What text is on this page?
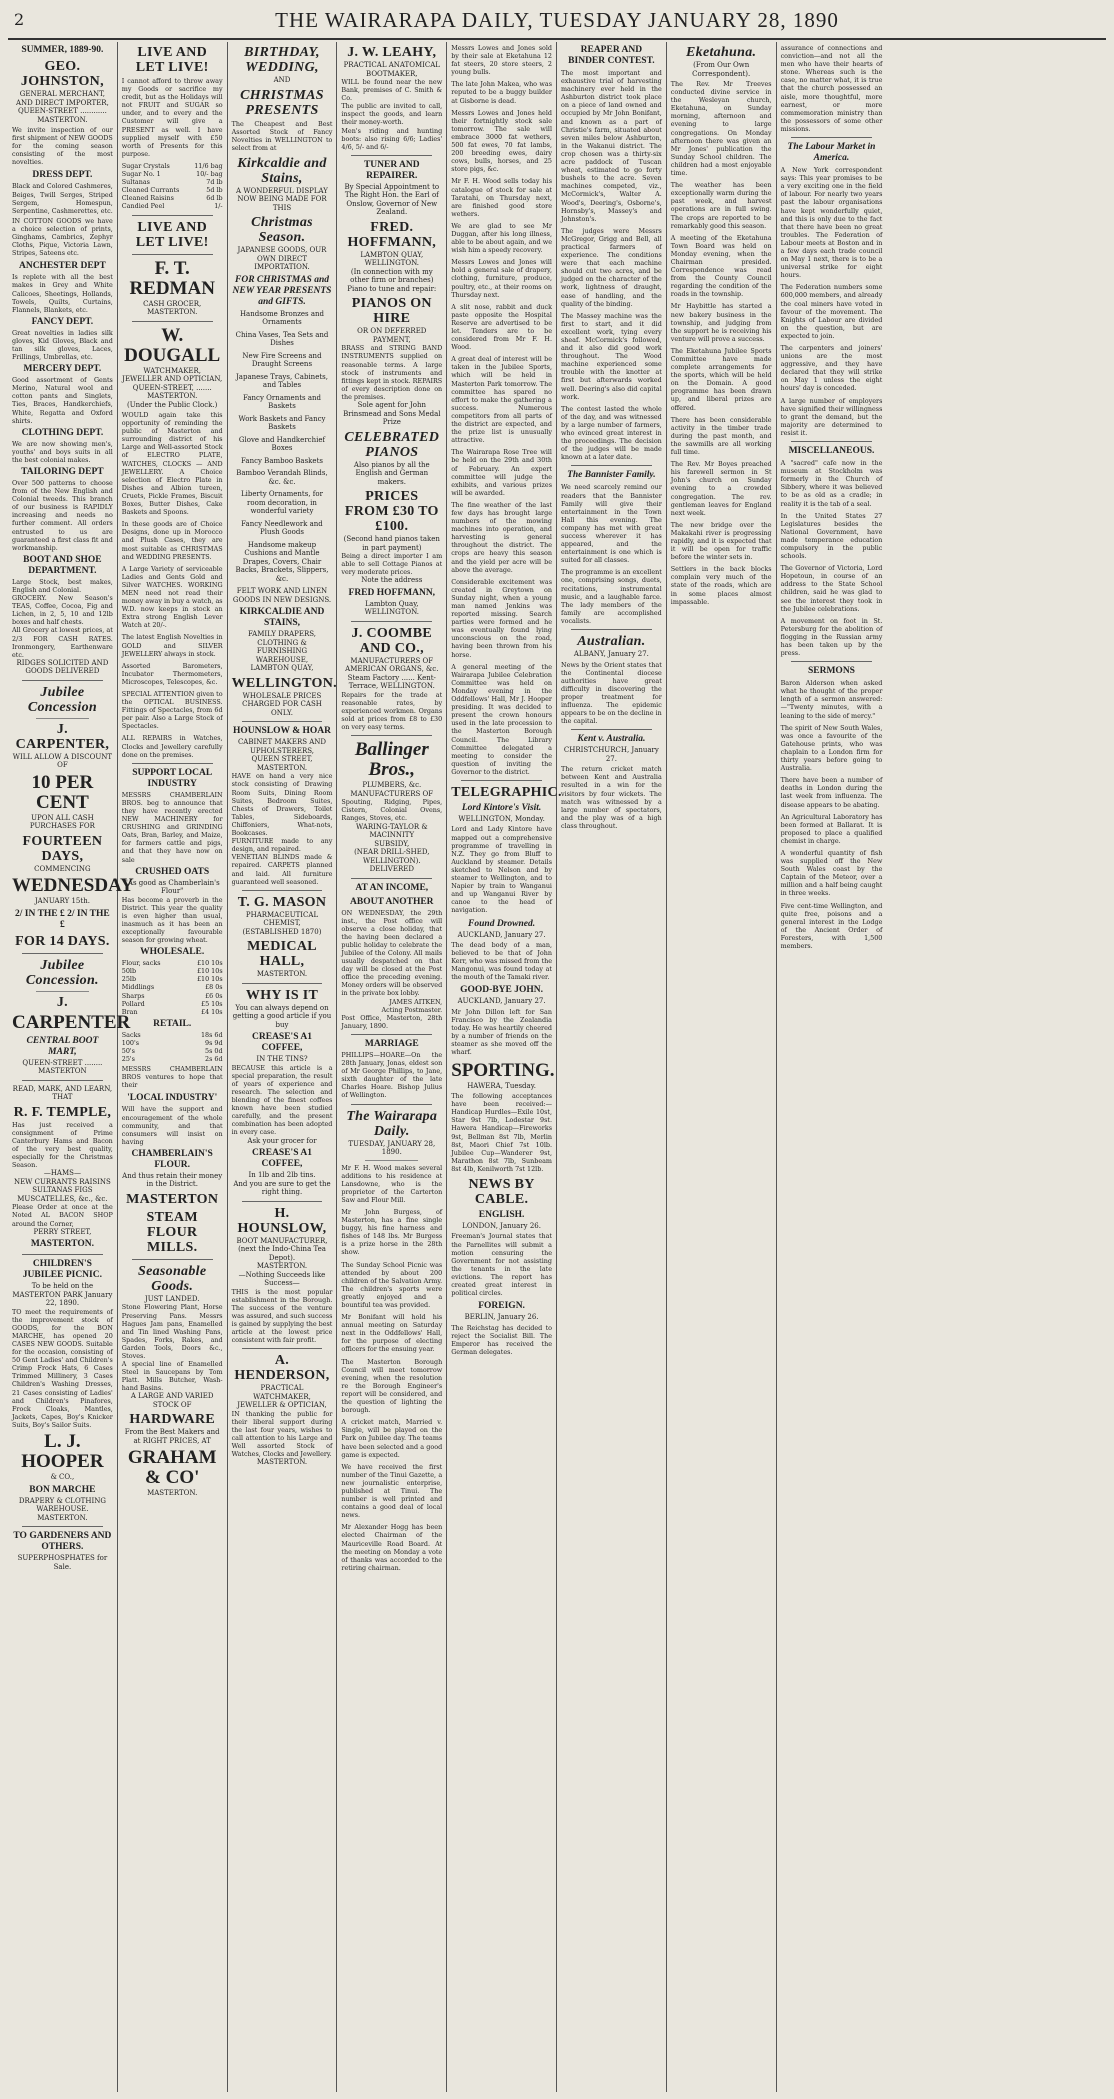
2	THE WAIRARAPA DAILY, TUESDAY JANUARY 28, 1890
SUMMER, 1889-90.
GEO. JOHNSTON,
GENERAL MERCHANT, AND DIRECT IMPORTER,
QUEEN-STREET ............ MASTERTON.
We invite inspection of our first shipment of NEW GOODS for the coming season consisting of the most novelties.
DRESS DEPT.
Black and Colored Cashmeres, Beiges, Twill Serges, Striped Sergem, Homespun, Serpentine, Cashmerettes, etc.
IN COTTON GOODS we have a choice selection of prints, Ginghams, Cambrics, Zephyr Cloths, Pique, Victoria Lawn, Stripes, Sateens etc.
ANCHESTER DEPT
Is replete with all the best makes in Grey and White Calicoes, Sheetings, Hollands, Towels, Quilts, Curtains, Flannels, Blankets, etc.
FANCY DEPT.
Great novelties in ladies silk gloves, Kid Gloves, Black and tan silk gloves, Laces, Frillings, Umbrellas, etc.
MERCERY DEPT.
Good assortment of Gents Merino, Natural wool and cotton pants and Singlets, Ties, Braces, Handkerchiefs, White, Regatta and Oxford shirts.
CLOTHING DEPT.
We are now showing men's, youths' and boys suits in all the best colonial makes.
TAILORING DEPT
Over 500 patterns to choose from of the New English and Colonial tweeds. This branch of our business is RAPIDLY increasing and needs no further comment. All orders entrusted to us are guaranteed a first class fit and workmanship.
BOOT AND SHOE DEPARTMENT.
Large Stock, best makes, English and Colonial.
GROCERY. New Season's TEAS, Coffee, Cocoa, Fig and Lichen, in 2, 5, 10 and 12lb boxes and half chests.
All Grocery at lowest prices, at 2/3 FOR CASH RATES. Ironmongery, Earthenware etc.
RIDGES SOLICITED AND GOODS DELIVERED
Jubilee Concession
J. CARPENTER,
WILL ALLOW A DISCOUNT OF
10 PER CENT
UPON ALL CASH PURCHASES FOR
FOURTEEN DAYS,
COMMENCING
WEDNESDAY
JANUARY 15th.
2/ IN THE £ 2/ IN THE £
FOR 14 DAYS.
Jubilee Concession.
J.
CARPENTER
CENTRAL BOOT MART,
QUEEN-STREET ........ MASTERTON
READ, MARK, AND LEARN, THAT
R. F. TEMPLE,
Has just received a consignment of Prime Canterbury Hams and Bacon of the very best quality, especially for the Christmas Season.
—HAMS—
NEW CURRANTS RAISINS SULTANAS FIGS MUSCATELLES, &c., &c.
Please Order at once at the Noted AL BACON SHOP around the Corner,
PERRY STREET,
MASTERTON.
CHILDREN'S JUBILEE PICNIC.
To be held on the MASTERTON PARK January 22, 1890.
TO meet the requirements of the improvement stock of GOODS, for the BON MARCHE, has opened 20 CASES NEW GOODS. Suitable for the occasion, consisting of 50 Gent Ladies' and Children's Crimp Frock Hats, 6 Cases Trimmed Millinery, 3 Cases Children's Washing Dresses, 21 Cases consisting of Ladies' and Children's Pinafores, Frock Cloaks, Mantles, Jackets, Capes, Boy's Knicker Suits, Boy's Sailor Suits.
L. J. HOOPER
& CO.,
BON MARCHE
DRAPERY & CLOTHING WAREHOUSE.
MASTERTON.
TO GARDENERS AND OTHERS.
SUPERPHOSPHATES for Sale.
LIVE AND LET LIVE!
I cannot afford to throw away my Goods or sacrifice my credit, but as the Holidays will not FRUIT and SUGAR so under, and to every and the Customer will give a PRESENT as well. I have supplied myself with £50 worth of Presents for this purpose.
Sugar Crystals	11/6 bag
Sugar No. 1	10/- bag
Sultanas	7d lb
Cleaned Currants	5d lb
Cleaned Raisins	6d lb
Candied Peel	1/-
LIVE AND LET LIVE!
F. T. REDMAN
CASH GROCER,
MASTERTON.
W. DOUGALL
WATCHMAKER,
JEWELLER AND OPTICIAN,
QUEEN-STREET, ....... MASTERTON.
(Under the Public Clock.)
WOULD again take this opportunity of reminding the public of Masterton and surrounding district of his Large and Well-assorted Stock of ELECTRO PLATE, WATCHES, CLOCKS — AND JEWELLERY. A Choice selection of Electro Plate in Dishes and Albion tureen, Cruets, Pickle Frames, Biscuit Boxes, Butter Dishes, Cake Baskets and Spoons.
In these goods are of Choice Designs, done up in Morocco and Plush Cases, they are most suitable as CHRISTMAS and WEDDING PRESENTS.
A Large Variety of serviceable Ladies and Gents Gold and Silver WATCHES. WORKING MEN need not read their money away in buy a watch, as W.D. now keeps in stock an Extra strong English Lever Watch at 20/-.
The latest English Novelties in GOLD and SILVER JEWELLERY always in stock.
Assorted Barometers, Incubator Thermometers, Microscopes, Telescopes, &c.
SPECIAL ATTENTION given to the OPTICAL BUSINESS. Fittings of Spectacles, from 6d per pair. Also a Large Stock of Spectacles.
ALL REPAIRS in Watches, Clocks and Jewellery carefully done on the premises.
SUPPORT LOCAL INDUSTRY
MESSRS CHAMBERLAIN BROS. beg to announce that they have recently erected NEW MACHINERY for CRUSHING and GRINDING Oats, Bran, Barley, and Maize, for farmers cattle and pigs, and that they have now on sale
CRUSHED OATS
"As good as Chamberlain's Flour"
Has become a proverb in the District. This year the quality is even higher than usual, inasmuch as it has been an exceptionally favourable season for growing wheat.
WHOLESALE.
Flour, sacks	£10 10s
50lb	£10 10s
25lb	£10 10s
Middlings	£8 0s
Sharps	£6 0s
Pollard	£5 10s
Bran	£4 10s
RETAIL.
Sacks	18s 6d
100's	9s 9d
50's	5s 0d
25's	2s 6d
MESSRS CHAMBERLAIN BROS ventures to hope that their
'LOCAL INDUSTRY'
Will have the support and encouragement of the whole community, and that consumers will insist on having
CHAMBERLAIN'S FLOUR.
And thus retain their money in the District.
MASTERTON
STEAM FLOUR MILLS.
Seasonable Goods.
JUST LANDED.
Stone Flowering Plant, Horse Preserving Pans. Messrs Hagues Jam pans, Enamelled and Tin lined Washing Pans, Spades, Forks, Rakes, and Garden Tools, Doors &c., Stoves.
A special line of Enamelled Steel in Saucepans by Tom Platt. Mills Butcher, Wash-hand Basins.
A LARGE AND VARIED STOCK OF
HARDWARE
From the Best Makers and at RIGHT PRICES, AT
GRAHAM & CO'
MASTERTON.
BIRTHDAY, WEDDING,
AND
CHRISTMAS PRESENTS
The Cheapest and Best Assorted Stock of Fancy Novelties in WELLINGTON to select from at
Kirkcaldie and Stains,
A WONDERFUL DISPLAY NOW BEING MADE FOR THIS
Christmas Season.
JAPANESE GOODS, OUR OWN DIRECT IMPORTATION.
FOR CHRISTMAS and NEW YEAR PRESENTS and GIFTS.
Handsome Bronzes and Ornaments
China Vases, Tea Sets and Dishes
New Fire Screens and Draught Screens
Japanese Trays, Cabinets, and Tables
Fancy Ornaments and Baskets
Work Baskets and Fancy Baskets
Glove and Handkerchief Boxes
Fancy Bamboo Baskets
Bamboo Verandah Blinds, &c. &c.
Liberty Ornaments, for room decoration, in wonderful variety
Fancy Needlework and Plush Goods
Handsome makeup Cushions and Mantle Drapes, Covers, Chair Backs, Brackets, Slippers, &c.
FELT WORK AND LINEN GOODS IN NEW DESIGNS.
KIRKCALDIE AND STAINS,
FAMILY DRAPERS, CLOTHING & FURNISHING WAREHOUSE,
LAMBTON QUAY,
WELLINGTON.
WHOLESALE PRICES CHARGED FOR CASH ONLY.
HOUNSLOW & HOAR
CABINET MAKERS AND UPHOLSTERERS,
QUEEN STREET, MASTERTON.
HAVE on hand a very nice stock consisting of Drawing Room Suits, Dining Room Suites, Bedroom Suites, Chests of Drawers, Toilet Tables, Sideboards, Chiffoniers, What-nots, Bookcases.
FURNITURE made to any design, and repaired.
VENETIAN BLINDS made & repaired. CARPETS planned and laid. All furniture guaranteed well seasoned.
T. G. MASON
PHARMACEUTICAL CHEMIST,
(ESTABLISHED 1870)
MEDICAL HALL,
MASTERTON.
WHY IS IT
You can always depend on getting a good article if you buy
CREASE'S A1 COFFEE,
IN THE TINS?
BECAUSE this article is a special preparation, the result of years of experience and research. The selection and blending of the finest coffees known have been studied carefully, and the present combination has been adopted in every case.
Ask your grocer for
CREASE'S A1 COFFEE,
In 1lb and 2lb tins.
And you are sure to get the right thing.
H. HOUNSLOW,
BOOT MANUFACTURER,
(next the Indo-China Tea Depot).
MASTERTON.
—Nothing Succeeds like Success—
THIS is the most popular establishment in the Borough. The success of the venture was assured, and such success is gained by supplying the best article at the lowest price consistent with fair profit.
A. HENDERSON,
PRACTICAL WATCHMAKER,
JEWELLER & OPTICIAN,
IN thanking the public for their liberal support during the last four years, wishes to call attention to his Large and Well assorted Stock of Watches, Clocks and Jewellery.
MASTERTON.
J. W. LEAHY,
PRACTICAL ANATOMICAL BOOTMAKER,
WILL be found near the new Bank, premises of C. Smith & Co.
The public are invited to call, inspect the goods, and learn their money-worth.
Men's riding and hunting boots: also rising 6/6; Ladies' 4/6, 5/- and 6/-
TUNER AND REPAIRER.
By Special Appointment to The Right Hon. the Earl of Onslow, Governor of New Zealand.
FRED. HOFFMANN,
LAMBTON QUAY, WELLINGTON.
(In connection with my other firm or branches)
Piano to tune and repair:
PIANOS ON HIRE
OR ON DEFERRED PAYMENT,
BRASS and STRING BAND INSTRUMENTS supplied on reasonable terms. A large stock of instruments and fittings kept in stock. REPAIRS of every description done on the premises.
Sole agent for John Brinsmead and Sons Medal Prize
CELEBRATED PIANOS
Also pianos by all the English and German makers.
PRICES FROM £30 TO £100.
(Second hand pianos taken in part payment)
Being a direct importer I am able to sell Cottage Pianos at very moderate prices.
Note the address
FRED HOFFMANN,
Lambton Quay, WELLINGTON.
J. COOMBE AND CO.,
MANUFACTURERS OF AMERICAN ORGANS, &c.
Steam Factory ...... Kent-Terrace, WELLINGTON.
Repairs for the trade at reasonable rates, by experienced workmen. Organs sold at prices from £8 to £30 on very easy terms.
Ballinger Bros.,
PLUMBERS, &c.
MANUFACTURERS OF
Spouting, Ridging, Pipes, Cistern, Colonial Ovens, Ranges, Stoves, etc.
WARING-TAYLOR & MACINNITY
SUBSIDY,
(NEAR DRILL-SHED, WELLINGTON).
DELIVERED
AT AN INCOME,
ABOUT ANOTHER
ON WEDNESDAY, the 29th inst., the Post office will observe a close holiday, that the having been declared a public holiday to celebrate the Jubilee of the Colony. All mails usually despatched on that day will be closed at the Post office the preceding evening. Money orders will be observed in the private box lobby.
JAMES AITKEN,
Acting Postmaster.
Post Office, Masterton, 28th January, 1890.
MARRIAGE
PHILLIPS—HOARE—On the 28th January, Jonas, eldest son of Mr George Phillips, to Jane, sixth daughter of the late Charles Hoare. Bishop Julius of Wellington.
The Wairarapa Daily.
TUESDAY, JANUARY 28, 1890.
Mr F. H. Wood makes several additions to his residence at Lansdowne, who is the proprietor of the Carterton Saw and Flour Mill.
Mr John Burgess, of Masterton, has a fine single buggy, his fine harness and fishes of 148 lbs. Mr Burgess is a prize horse in the 28th show.
The Sunday School Picnic was attended by about 200 children of the Salvation Army. The children's sports were greatly enjoyed and a bountiful tea was provided.
Mr Bonifant will hold his annual meeting on Saturday next in the Oddfellows' Hall, for the purpose of electing officers for the ensuing year.
The Masterton Borough Council will meet tomorrow evening, when the resolution re the Borough Engineer's report will be considered, and the question of lighting the borough.
A cricket match, Married v. Single, will be played on the Park on Jubilee day. The teams have been selected and a good game is expected.
We have received the first number of the Tinui Gazette, a new journalistic enterprise, published at Tinui. The number is well printed and contains a good deal of local news.
Mr Alexander Hogg has been elected Chairman of the Mauriceville Road Board. At the meeting on Monday a vote of thanks was accorded to the retiring chairman.
Messrs Lowes and Jones sold by their sale at Eketahuna 12 fat steers, 20 store steers, 2 young bulls.
The late John Makea, who was reputed to be a buggy builder at Gisborne is dead.
Messrs Lowes and Jones held their fortnightly stock sale tomorrow. The sale will embrace 3000 fat wethers, 500 fat ewes, 70 fat lambs, 200 breeding ewes, dairy cows, bulls, horses, and 25 store pigs, &c.
Mr F. H. Wood sells today his catalogue of stock for sale at Taratahi, on Thursday next, are finished good store wethers.
We are glad to see Mr Duggan, after his long illness, able to be about again, and we wish him a speedy recovery.
Messrs Lowes and Jones will hold a general sale of drapery, clothing, furniture, produce, poultry, etc., at their rooms on Thursday next.
A slit nose, rabbit and duck paste opposite the Hospital Reserve are advertised to be let. Tenders are to be considered from Mr F. H. Wood.
A great deal of interest will be taken in the Jubilee Sports, which will be held in Masterton Park tomorrow. The committee has spared no effort to make the gathering a success. Numerous competitors from all parts of the district are expected, and the prize list is unusually attractive.
The Wairarapa Rose Tree will be held on the 29th and 30th of February. An expert committee will judge the exhibits, and various prizes will be awarded.
The fine weather of the last few days has brought large numbers of the mowing machines into operation, and harvesting is general throughout the district. The crops are heavy this season and the yield per acre will be above the average.
Considerable excitement was created in Greytown on Sunday night, when a young man named Jenkins was reported missing. Search parties were formed and he was eventually found lying unconscious on the road, having been thrown from his horse.
A general meeting of the Wairarapa Jubilee Celebration Committee was held on Monday evening in the Oddfellows' Hall, Mr J. Hooper presiding. It was decided to present the crown honours used in the late procession to the Masterton Borough Council. The Library Committee delegated a meeting to consider the question of inviting the Governor to the district.
TELEGRAPHIC.
Lord Kintore's Visit.
WELLINGTON, Monday.
Lord and Lady Kintore have mapped out a comprehensive programme of travelling in N.Z. They go from Bluff to Auckland by steamer. Details sketched to Nelson and by steamer to Wellington, and to Napier by train to Wanganui and up Wanganui River by canoe to the head of navigation.
Found Drowned.
AUCKLAND, January 27.
The dead body of a man, believed to be that of John Kerr, who was missed from the Mangonui, was found today at the mouth of the Tamaki river.
GOOD-BYE JOHN.
AUCKLAND, January 27.
Mr John Dillon left for San Francisco by the Zealandia today. He was heartily cheered by a number of friends on the steamer as she moved off the wharf.
SPORTING.
HAWERA, Tuesday.
The following acceptances have been received:—Handicap Hurdles—Exile 10st, Star 9st 7lb, Lodestar 9st. Hawera Handicap—Fireworks 9st, Bellman 8st 7lb, Merlin 8st, Maori Chief 7st 10lb. Jubilee Cup—Wanderer 9st, Marathon 8st 7lb, Sunbeam 8st 4lb, Kenilworth 7st 12lb.
NEWS BY CABLE.
ENGLISH.
LONDON, January 26.
Freeman's Journal states that the Parnellites will submit a motion censuring the Government for not assisting the tenants in the late evictions. The report has created great interest in political circles.
FOREIGN.
BERLIN, January 26.
The Reichstag has decided to reject the Socialist Bill. The Emperor has received the German delegates.
REAPER AND BINDER CONTEST.
The most important and exhaustive trial of harvesting machinery ever held in the Ashburton district took place on a piece of land owned and occupied by Mr John Bonifant, and known as a part of Christie's farm, situated about seven miles below Ashburton, in the Wakanui district. The crop chosen was a thirty-six acre paddock of Tuscan wheat, estimated to go forty bushels to the acre. Seven machines competed, viz., McCormick's, Walter A. Wood's, Deering's, Osborne's, Hornsby's, Massey's and Johnston's.
The judges were Messrs McGregor, Grigg and Bell, all practical farmers of experience. The conditions were that each machine should cut two acres, and be judged on the character of the work, lightness of draught, ease of handling, and the quality of the binding.
The Massey machine was the first to start, and it did excellent work, tying every sheaf. McCormick's followed, and it also did good work throughout. The Wood machine experienced some trouble with the knotter at first but afterwards worked well. Deering's also did capital work.
The contest lasted the whole of the day, and was witnessed by a large number of farmers, who evinced great interest in the proceedings. The decision of the judges will be made known at a later date.
The Bannister Family.
We need scarcely remind our readers that the Bannister Family will give their entertainment in the Town Hall this evening. The company has met with great success wherever it has appeared, and the entertainment is one which is suited for all classes.
The programme is an excellent one, comprising songs, duets, recitations, instrumental music, and a laughable farce. The lady members of the family are accomplished vocalists.
Australian.
ALBANY, January 27.
News by the Orient states that the Continental diocese authorities have great difficulty in discovering the proper treatment for influenza. The epidemic appears to be on the decline in the capital.
Kent v. Australia.
CHRISTCHURCH, January 27.
The return cricket match between Kent and Australia resulted in a win for the visitors by four wickets. The match was witnessed by a large number of spectators, and the play was of a high class throughout.
Eketahuna.
(From Our Own Correspondent).
The Rev. Mr Treeves conducted divine service in the Wesleyan church, Eketahuna, on Sunday morning, afternoon and evening to large congregations. On Monday afternoon there was given an Mr Jones' publication the Sunday School children. The children had a most enjoyable time.
The weather has been exceptionally warm during the past week, and harvest operations are in full swing. The crops are reported to be remarkably good this season.
A meeting of the Eketahuna Town Board was held on Monday evening, when the Chairman presided. Correspondence was read from the County Council regarding the condition of the roads in the township.
Mr Haybittle has started a new bakery business in the township, and judging from the support he is receiving his venture will prove a success.
The Eketahuna Jubilee Sports Committee have made complete arrangements for the sports, which will be held on the Domain. A good programme has been drawn up, and liberal prizes are offered.
There has been considerable activity in the timber trade during the past month, and the sawmills are all working full time.
The Rev. Mr Boyes preached his farewell sermon in St John's church on Sunday evening to a crowded congregation. The rev. gentleman leaves for England next week.
The new bridge over the Makakahi river is progressing rapidly, and it is expected that it will be open for traffic before the winter sets in.
Settlers in the back blocks complain very much of the state of the roads, which are in some places almost impassable.
assurance of connections and conviction—and not all the men who have their hearts of stone. Whereas such is the case, no matter what, it is true that the church possessed an aisle, more thoughtful, more earnest, or more commemoration ministry than the possessors of some other missions.
The Labour Market in America.
A New York correspondent says: This year promises to be a very exciting one in the field of labour. For nearly two years past the labour organisations have kept wonderfully quiet, and this is only due to the fact that there have been no great troubles. The Federation of Labour meets at Boston and in a few days each trade council on May 1 next, there is to be a universal strike for eight hours.
The Federation numbers some 600,000 members, and already the coal miners have voted in favour of the movement. The Knights of Labour are divided on the question, but are expected to join.
The carpenters and joiners' unions are the most aggressive, and they have declared that they will strike on May 1 unless the eight hours' day is conceded.
A large number of employers have signified their willingness to grant the demand, but the majority are determined to resist it.
MISCELLANEOUS.
A "sacred" cafe now in the museum at Stockholm was formerly in the Church of Sibbery, where it was believed to be as old as a cradle; in reality it is the tab of a seal.
In the United States 27 Legislatures besides the National Government, have made temperance education compulsory in the public schools.
The Governor of Victoria, Lord Hopetoun, in course of an address to the State School children, said he was glad to see the interest they took in the Jubilee celebrations.
A movement on foot in St. Petersburg for the abolition of flogging in the Russian army has been taken up by the press.
SERMONS
Baron Alderson when asked what he thought of the proper length of a sermon answered:—"Twenty minutes, with a leaning to the side of mercy."
The spirit of New South Wales, was once a favourite of the Gatehouse prints, who was chaplain to a London firm for thirty years before going to Australia.
There have been a number of deaths in London during the last week from influenza. The disease appears to be abating.
An Agricultural Laboratory has been formed at Ballarat. It is proposed to place a qualified chemist in charge.
A wonderful quantity of fish was supplied off the New South Wales coast by the Captain of the Meteor, over a million and a half being caught in three weeks.
Five cent-time Wellington, and quite free, poisons and a general interest in the Lodge of the Ancient Order of Foresters, with 1,500 members.
